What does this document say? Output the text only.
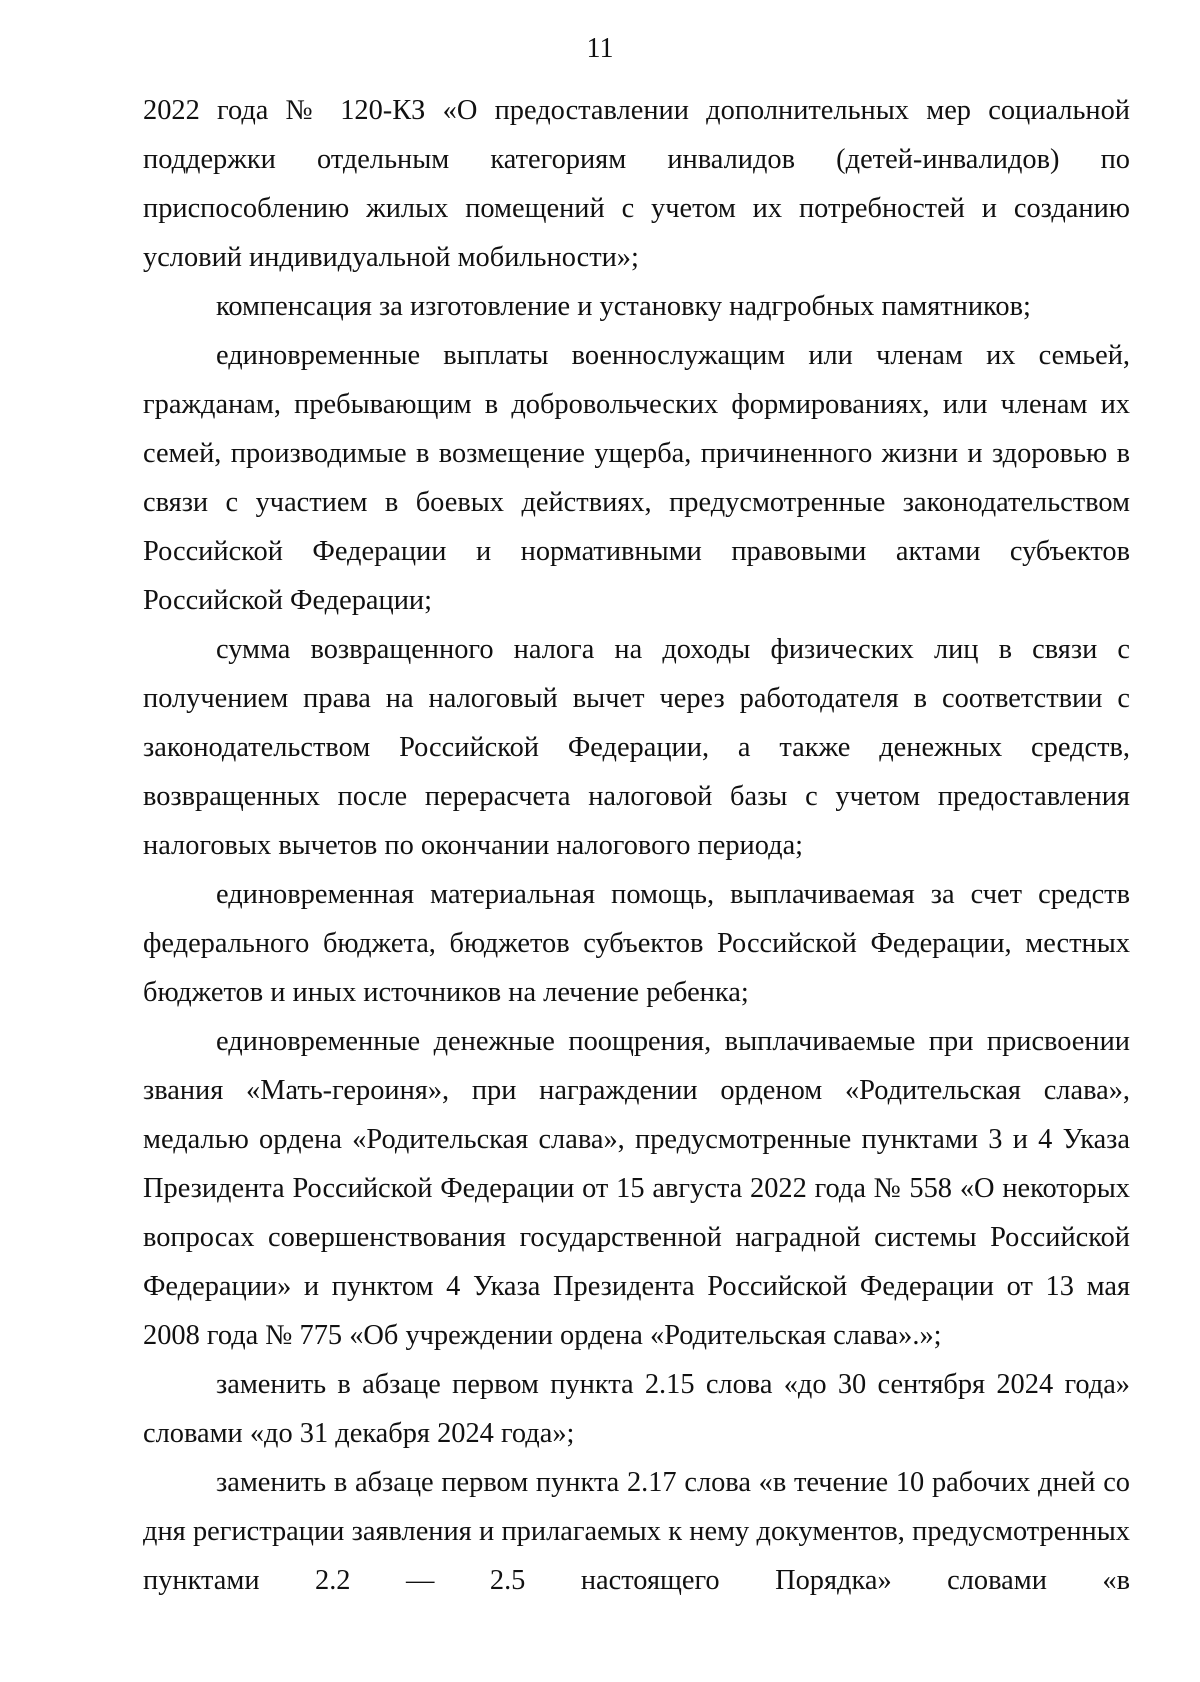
11

2022 года № 120-КЗ «О предоставлении дополнительных мер социальной поддержки отдельным категориям инвалидов (детей-инвалидов) по приспособлению жилых помещений с учетом их потребностей и созданию условий индивидуальной мобильности»;

компенсация за изготовление и установку надгробных памятников;

единовременные выплаты военнослужащим или членам их семьей, гражданам, пребывающим в добровольческих формированиях, или членам их семей, производимые в возмещение ущерба, причиненного жизни и здоровью в связи с участием в боевых действиях, предусмотренные законодательством Российской Федерации и нормативными правовыми актами субъектов Российской Федерации;

сумма возвращенного налога на доходы физических лиц в связи с получением права на налоговый вычет через работодателя в соответствии с законодательством Российской Федерации, а также денежных средств, возвращенных после перерасчета налоговой базы с учетом предоставления налоговых вычетов по окончании налогового периода;

единовременная материальная помощь, выплачиваемая за счет средств федерального бюджета, бюджетов субъектов Российской Федерации, местных бюджетов и иных источников на лечение ребенка;

единовременные денежные поощрения, выплачиваемые при присвоении звания «Мать-героиня», при награждении орденом «Родительская слава», медалью ордена «Родительская слава», предусмотренные пунктами 3 и 4 Указа Президента Российской Федерации от 15 августа 2022 года № 558 «О некоторых вопросах совершенствования государственной наградной системы Российской Федерации» и пунктом 4 Указа Президента Российской Федерации от 13 мая 2008 года № 775 «Об учреждении ордена «Родительская слава».»;

заменить в абзаце первом пункта 2.15 слова «до 30 сентября 2024 года» словами «до 31 декабря 2024 года»;

заменить в абзаце первом пункта 2.17 слова «в течение 10 рабочих дней со дня регистрации заявления и прилагаемых к нему документов, предусмотренных пунктами 2.2 — 2.5 настоящего Порядка» словами «в
